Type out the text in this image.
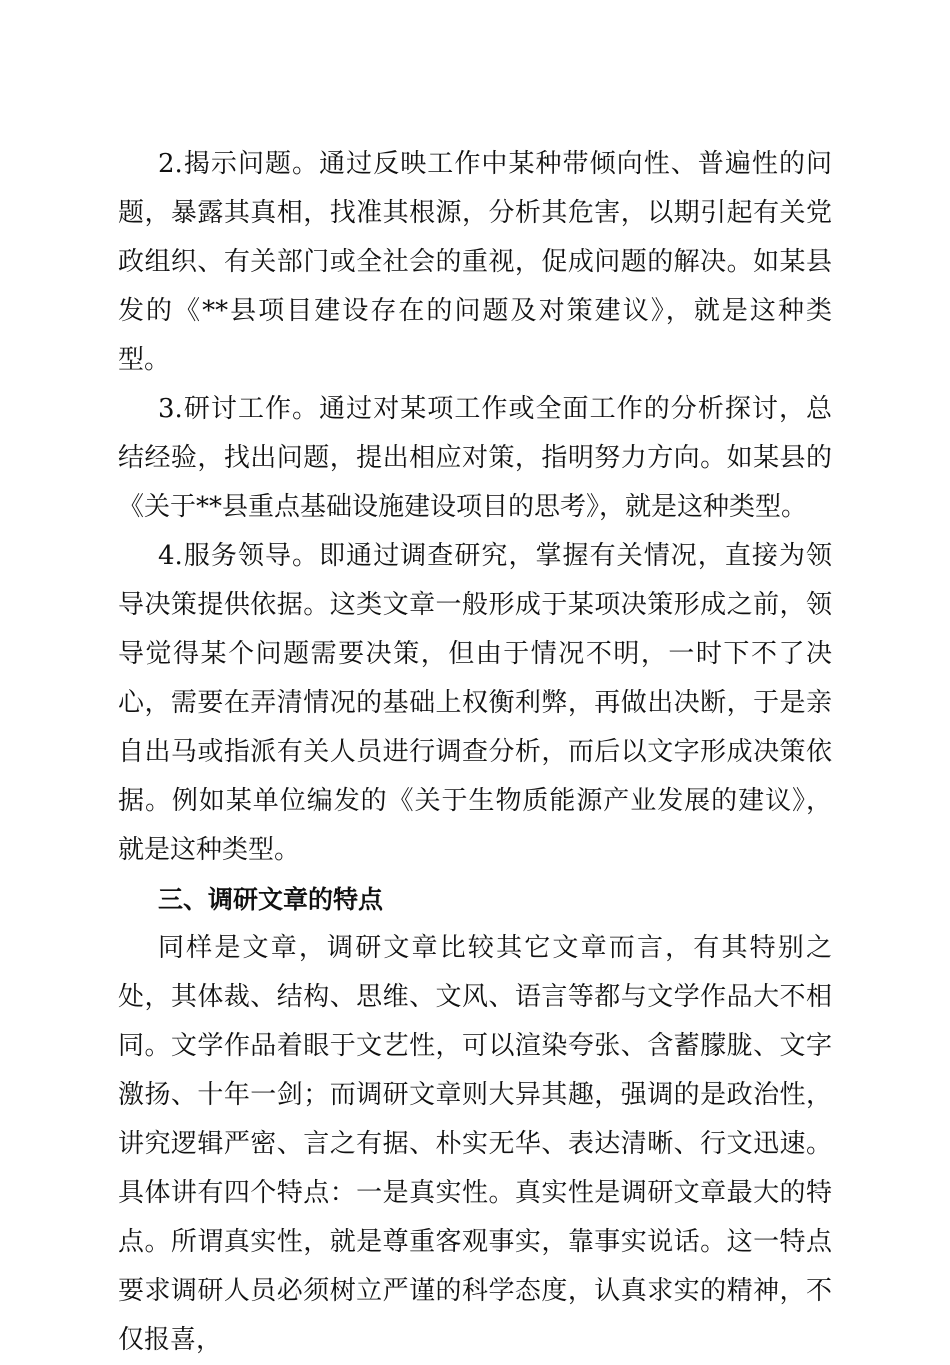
2.揭示问题。通过反映工作中某种带倾向性、普遍性的问题，暴露其真相，找准其根源，分析其危害，以期引起有关党政组织、有关部门或全社会的重视，促成问题的解决。如某县发的《**县项目建设存在的问题及对策建议》，就是这种类型。

3.研讨工作。通过对某项工作或全面工作的分析探讨，总结经验，找出问题，提出相应对策，指明努力方向。如某县的《关于**县重点基础设施建设项目的思考》，就是这种类型。

4.服务领导。即通过调查研究，掌握有关情况，直接为领导决策提供依据。这类文章一般形成于某项决策形成之前，领导觉得某个问题需要决策，但由于情况不明，一时下不了决心，需要在弄清情况的基础上权衡利弊，再做出决断，于是亲自出马或指派有关人员进行调查分析，而后以文字形成决策依据。例如某单位编发的《关于生物质能源产业发展的建议》，就是这种类型。

三、调研文章的特点

同样是文章，调研文章比较其它文章而言，有其特别之处，其体裁、结构、思维、文风、语言等都与文学作品大不相同。文学作品着眼于文艺性，可以渲染夸张、含蓄朦胧、文字激扬、十年一剑；而调研文章则大异其趣，强调的是政治性，讲究逻辑严密、言之有据、朴实无华、表达清晰、行文迅速。具体讲有四个特点：一是真实性。真实性是调研文章最大的特点。所谓真实性，就是尊重客观事实，靠事实说话。这一特点要求调研人员必须树立严谨的科学态度，认真求实的精神，不仅报喜，
